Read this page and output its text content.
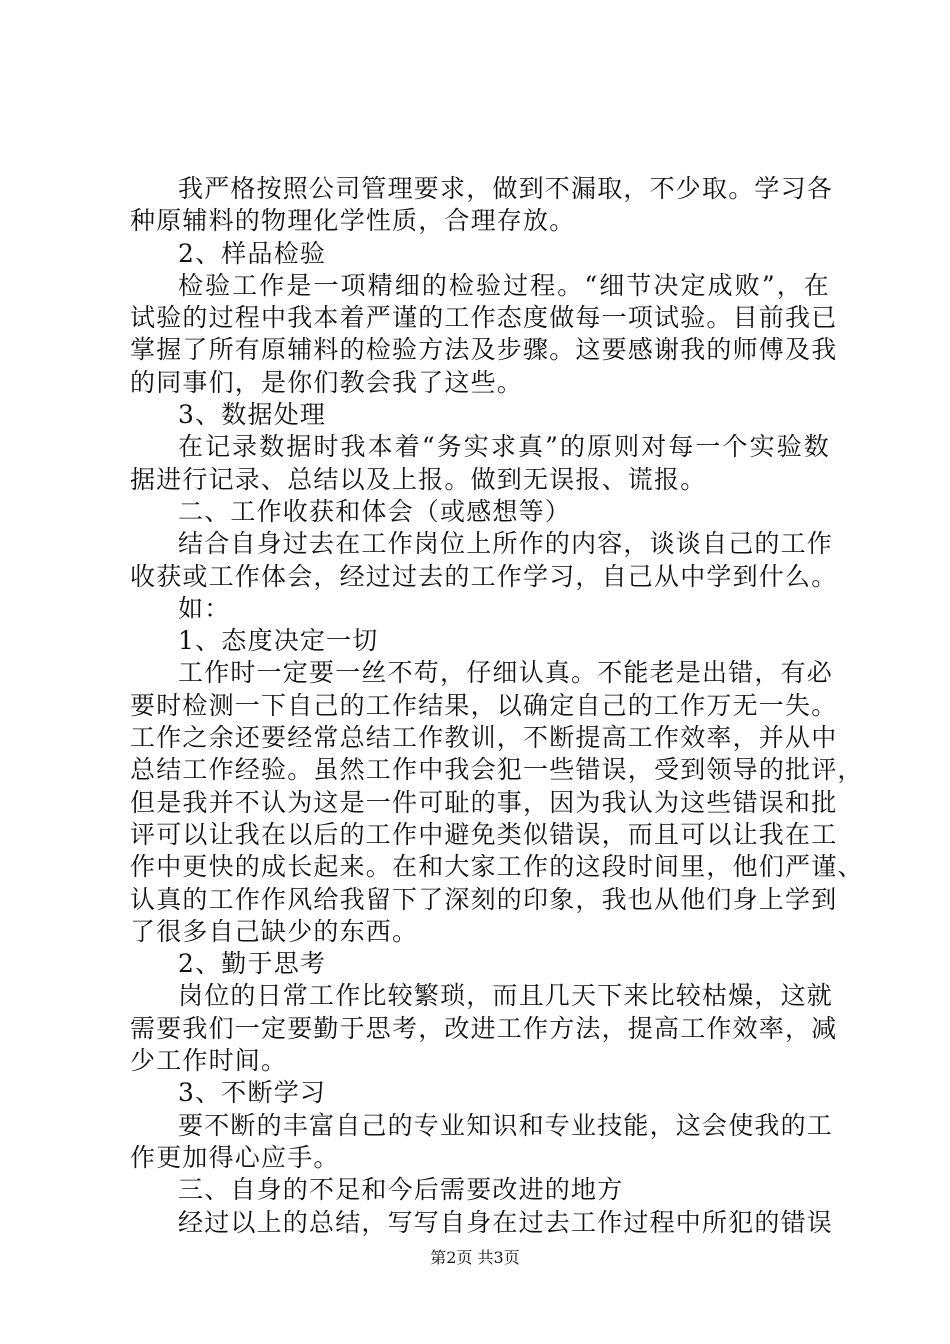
我严格按照公司管理要求，做到不漏取，不少取。学习各
种原辅料的物理化学性质，合理存放。
2、样品检验
检验工作是一项精细的检验过程。“细节决定成败”，在
试验的过程中我本着严谨的工作态度做每一项试验。目前我已
掌握了所有原辅料的检验方法及步骤。这要感谢我的师傅及我
的同事们，是你们教会我了这些。
3、数据处理
在记录数据时我本着“务实求真”的原则对每一个实验数
据进行记录、总结以及上报。做到无误报、谎报。
二、工作收获和体会（或感想等）
结合自身过去在工作岗位上所作的内容，谈谈自己的工作
收获或工作体会，经过过去的工作学习，自己从中学到什么。
如：
1、态度决定一切
工作时一定要一丝不苟，仔细认真。不能老是出错，有必
要时检测一下自己的工作结果，以确定自己的工作万无一失。
工作之余还要经常总结工作教训，不断提高工作效率，并从中
总结工作经验。虽然工作中我会犯一些错误，受到领导的批评，
但是我并不认为这是一件可耻的事，因为我认为这些错误和批
评可以让我在以后的工作中避免类似错误，而且可以让我在工
作中更快的成长起来。在和大家工作的这段时间里，他们严谨、
认真的工作作风给我留下了深刻的印象，我也从他们身上学到
了很多自己缺少的东西。
2、勤于思考
岗位的日常工作比较繁琐，而且几天下来比较枯燥，这就
需要我们一定要勤于思考，改进工作方法，提高工作效率，减
少工作时间。
3、不断学习
要不断的丰富自己的专业知识和专业技能，这会使我的工
作更加得心应手。
三、自身的不足和今后需要改进的地方
经过以上的总结，写写自身在过去工作过程中所犯的错误
第2页 共3页
